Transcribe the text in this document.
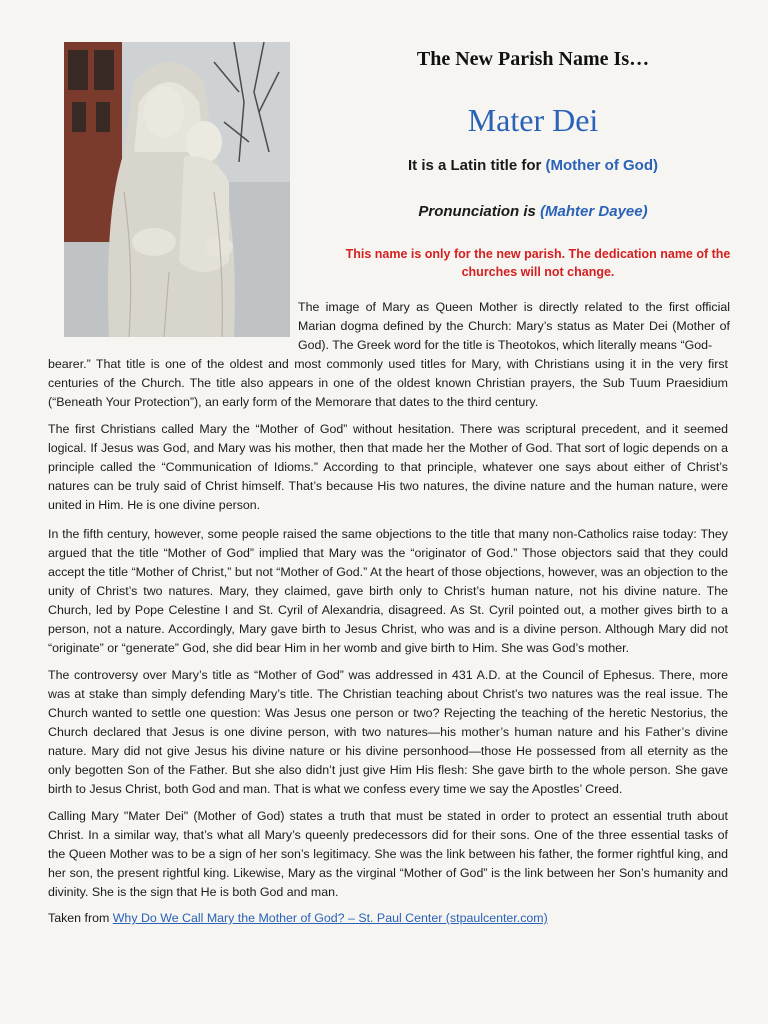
The New Parish Name Is…
Mater Dei
It is a Latin title for (Mother of God)
Pronunciation is (Mahter Dayee)
This name is only for the new parish. The dedication name of the churches will not change.
The image of Mary as Queen Mother is directly related to the first official Marian dogma defined by the Church: Mary’s status as Mater Dei (Mother of God). The Greek word for the title is Theotokos, which literally means “God-
bearer.” That title is one of the oldest and most commonly used titles for Mary, with Christians using it in the very first centuries of the Church. The title also appears in one of the oldest known Christian prayers, the Sub Tuum Praesidium (“Beneath Your Protection”), an early form of the Memorare that dates to the third century.
The first Christians called Mary the “Mother of God” without hesitation. There was scriptural precedent, and it seemed logical. If Jesus was God, and Mary was his mother, then that made her the Mother of God. That sort of logic depends on a principle called the “Communication of Idioms.” According to that principle, whatever one says about either of Christ’s natures can be truly said of Christ himself. That’s because His two natures, the divine nature and the human nature, were united in Him. He is one divine person.
In the fifth century, however, some people raised the same objections to the title that many non-Catholics raise today: They argued that the title “Mother of God” implied that Mary was the “originator of God.” Those objectors said that they could accept the title “Mother of Christ,” but not “Mother of God.” At the heart of those objections, however, was an objection to the unity of Christ’s two natures. Mary, they claimed, gave birth only to Christ’s human nature, not his divine nature. The Church, led by Pope Celestine I and St. Cyril of Alexandria, disagreed. As St. Cyril pointed out, a mother gives birth to a person, not a nature. Accordingly, Mary gave birth to Jesus Christ, who was and is a divine person. Although Mary did not “originate” or “generate” God, she did bear Him in her womb and give birth to Him. She was God’s mother.
The controversy over Mary’s title as “Mother of God” was addressed in 431 A.D. at the Council of Ephesus. There, more was at stake than simply defending Mary’s title. The Christian teaching about Christ’s two natures was the real issue. The Church wanted to settle one question: Was Jesus one person or two? Rejecting the teaching of the heretic Nestorius, the Church declared that Jesus is one divine person, with two natures—his mother’s human nature and his Father’s divine nature. Mary did not give Jesus his divine nature or his divine personhood—those He possessed from all eternity as the only begotten Son of the Father. But she also didn’t just give Him His flesh: She gave birth to the whole person. She gave birth to Jesus Christ, both God and man. That is what we confess every time we say the Apostles’ Creed.
Calling Mary "Mater Dei" (Mother of God) states a truth that must be stated in order to protect an essential truth about Christ. In a similar way, that’s what all Mary’s queenly predecessors did for their sons. One of the three essential tasks of the Queen Mother was to be a sign of her son’s legitimacy. She was the link between his father, the former rightful king, and her son, the present rightful king. Likewise, Mary as the virginal “Mother of God” is the link between her Son’s humanity and divinity. She is the sign that He is both God and man.
Taken from Why Do We Call Mary the Mother of God? – St. Paul Center (stpaulcenter.com)
